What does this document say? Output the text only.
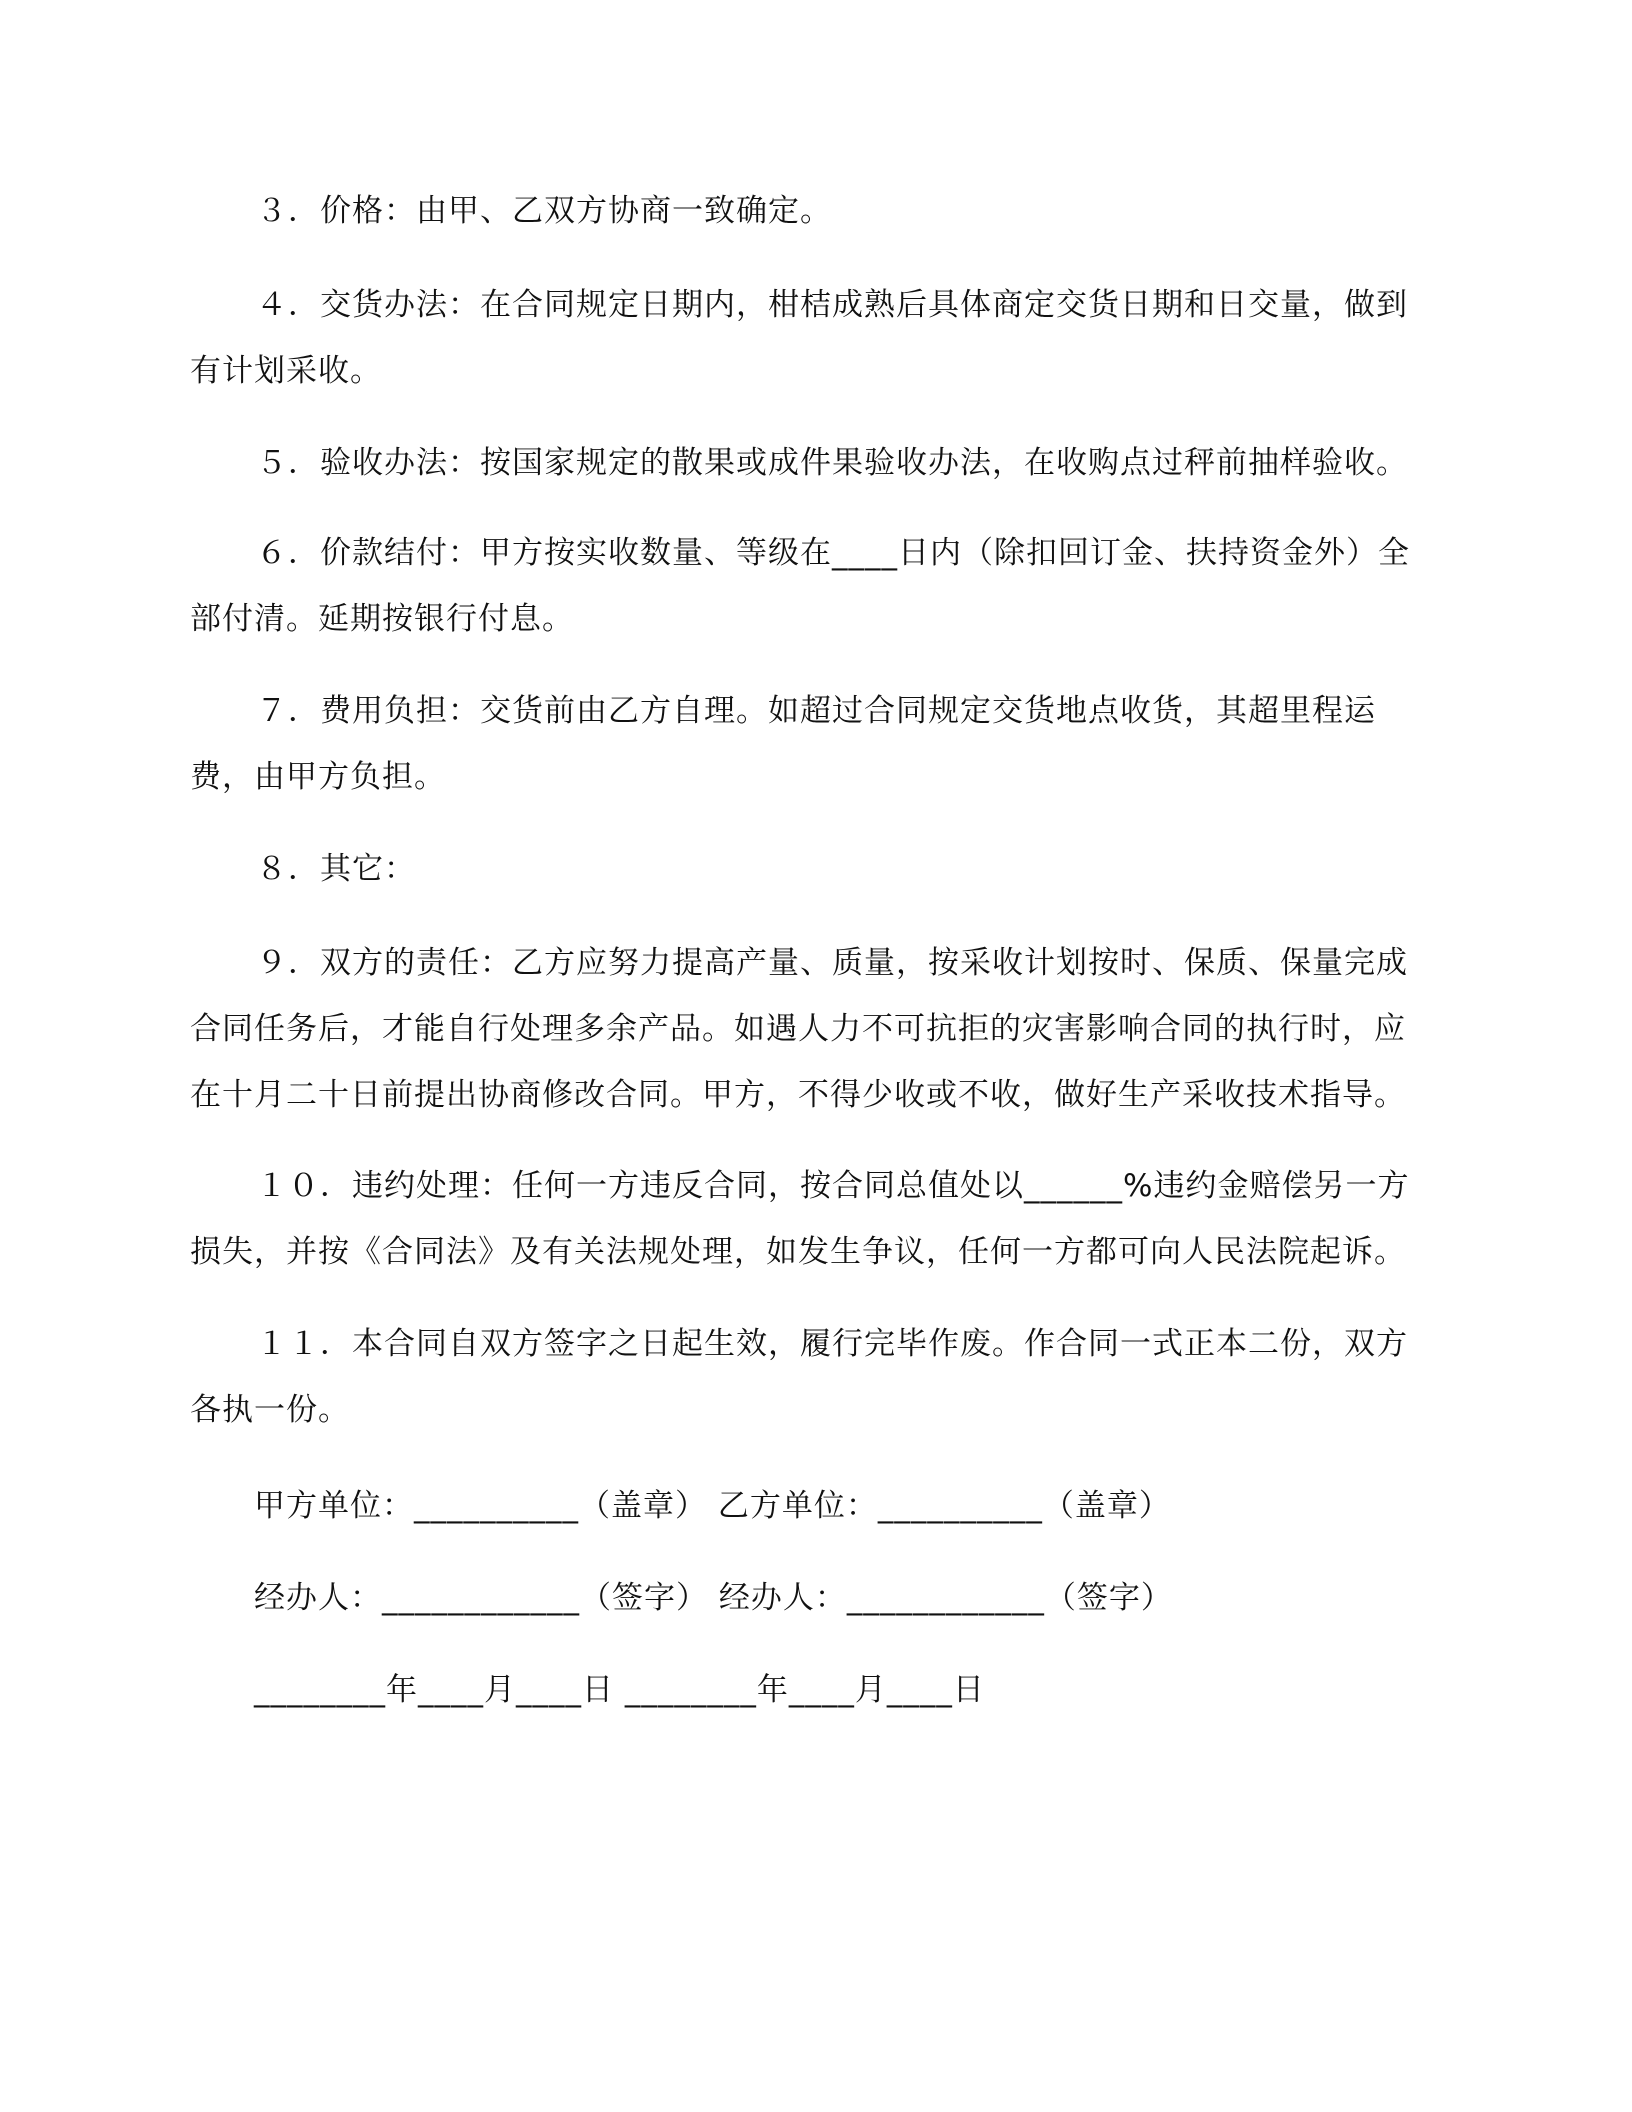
３．价格：由甲、乙双方协商一致确定。
４．交货办法：在合同规定日期内，柑桔成熟后具体商定交货日期和日交量，做到有计划采收。
５．验收办法：按国家规定的散果或成件果验收办法，在收购点过秤前抽样验收。
６．价款结付：甲方按实收数量、等级在____日内（除扣回订金、扶持资金外）全部付清。延期按银行付息。
７．费用负担：交货前由乙方自理。如超过合同规定交货地点收货，其超里程运费，由甲方负担。
８．其它：
９．双方的责任：乙方应努力提高产量、质量，按采收计划按时、保质、保量完成合同任务后，才能自行处理多余产品。如遇人力不可抗拒的灾害影响合同的执行时，应在十月二十日前提出协商修改合同。甲方，不得少收或不收，做好生产采收技术指导。
１０．违约处理：任何一方违反合同，按合同总值处以______%违约金赔偿另一方损失，并按《合同法》及有关法规处理，如发生争议，任何一方都可向人民法院起诉。
１１．本合同自双方签字之日起生效，履行完毕作废。作合同一式正本二份，双方各执一份。
甲方单位：__________（盖章） 乙方单位：__________（盖章）
经办人：____________（签字） 经办人：____________（签字）
________年____月____日 ________年____月____日
